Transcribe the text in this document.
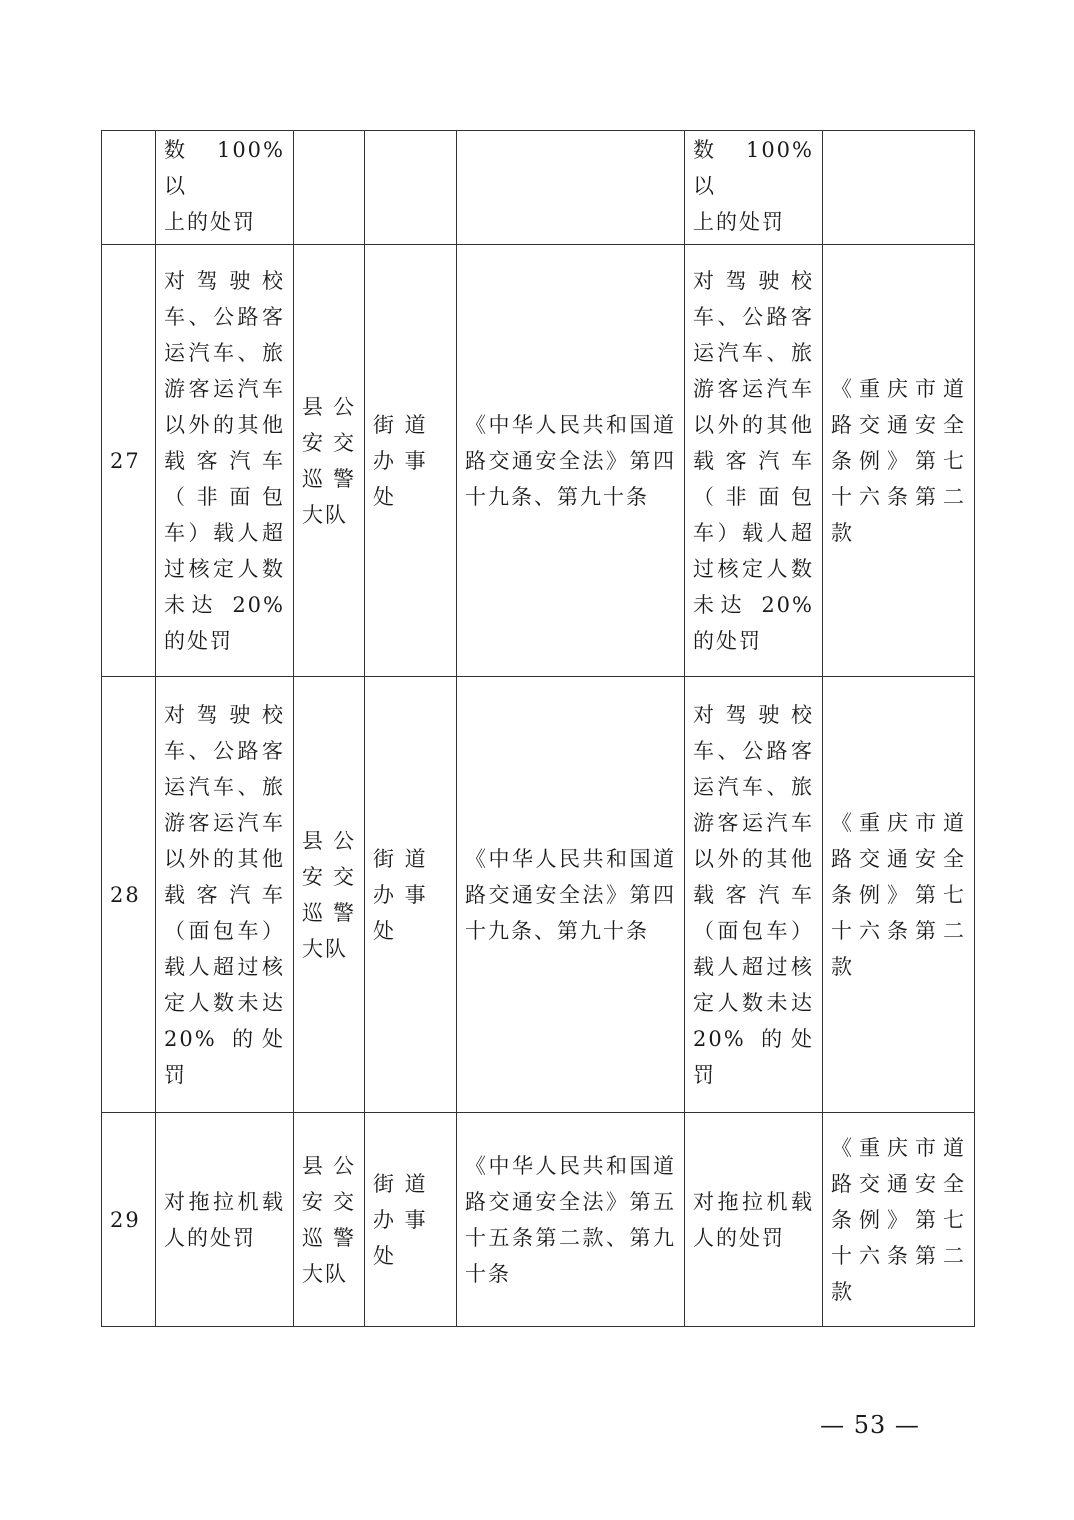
	数 100%以
上的处罚				数 100%以
上的处罚	
27	对驾驶校车、公路客运汽车、旅游客运汽车以外的其他载客汽车（非面包车）载人超过核定人数未达 20% 的处罚	县公安交巡警大队	街 道
办 事
处	《中华人民共和国道路交通安全法》第四十九条、第九十条	对驾驶校车、公路客运汽车、旅游客运汽车以外的其他载客汽车（非面包车）载人超过核定人数未达 20% 的处罚	《重庆市道路交通安全条例》第七十六条第二款
28	对驾驶校车、公路客运汽车、旅游客运汽车以外的其他载客汽车（面包车）载人超过核定人数未达 20% 的处罚	县公安交巡警大队	街 道
办 事
处	《中华人民共和国道路交通安全法》第四十九条、第九十条	对驾驶校车、公路客运汽车、旅游客运汽车以外的其他载客汽车（面包车）载人超过核定人数未达 20% 的处罚	《重庆市道路交通安全条例》第七十六条第二款
29	对拖拉机载人的处罚	县公安交巡警大队	街 道
办 事
处	《中华人民共和国道路交通安全法》第五十五条第二款、第九十条	对拖拉机载人的处罚	《重庆市道路交通安全条例》第七十六条第二款
— 53 —
